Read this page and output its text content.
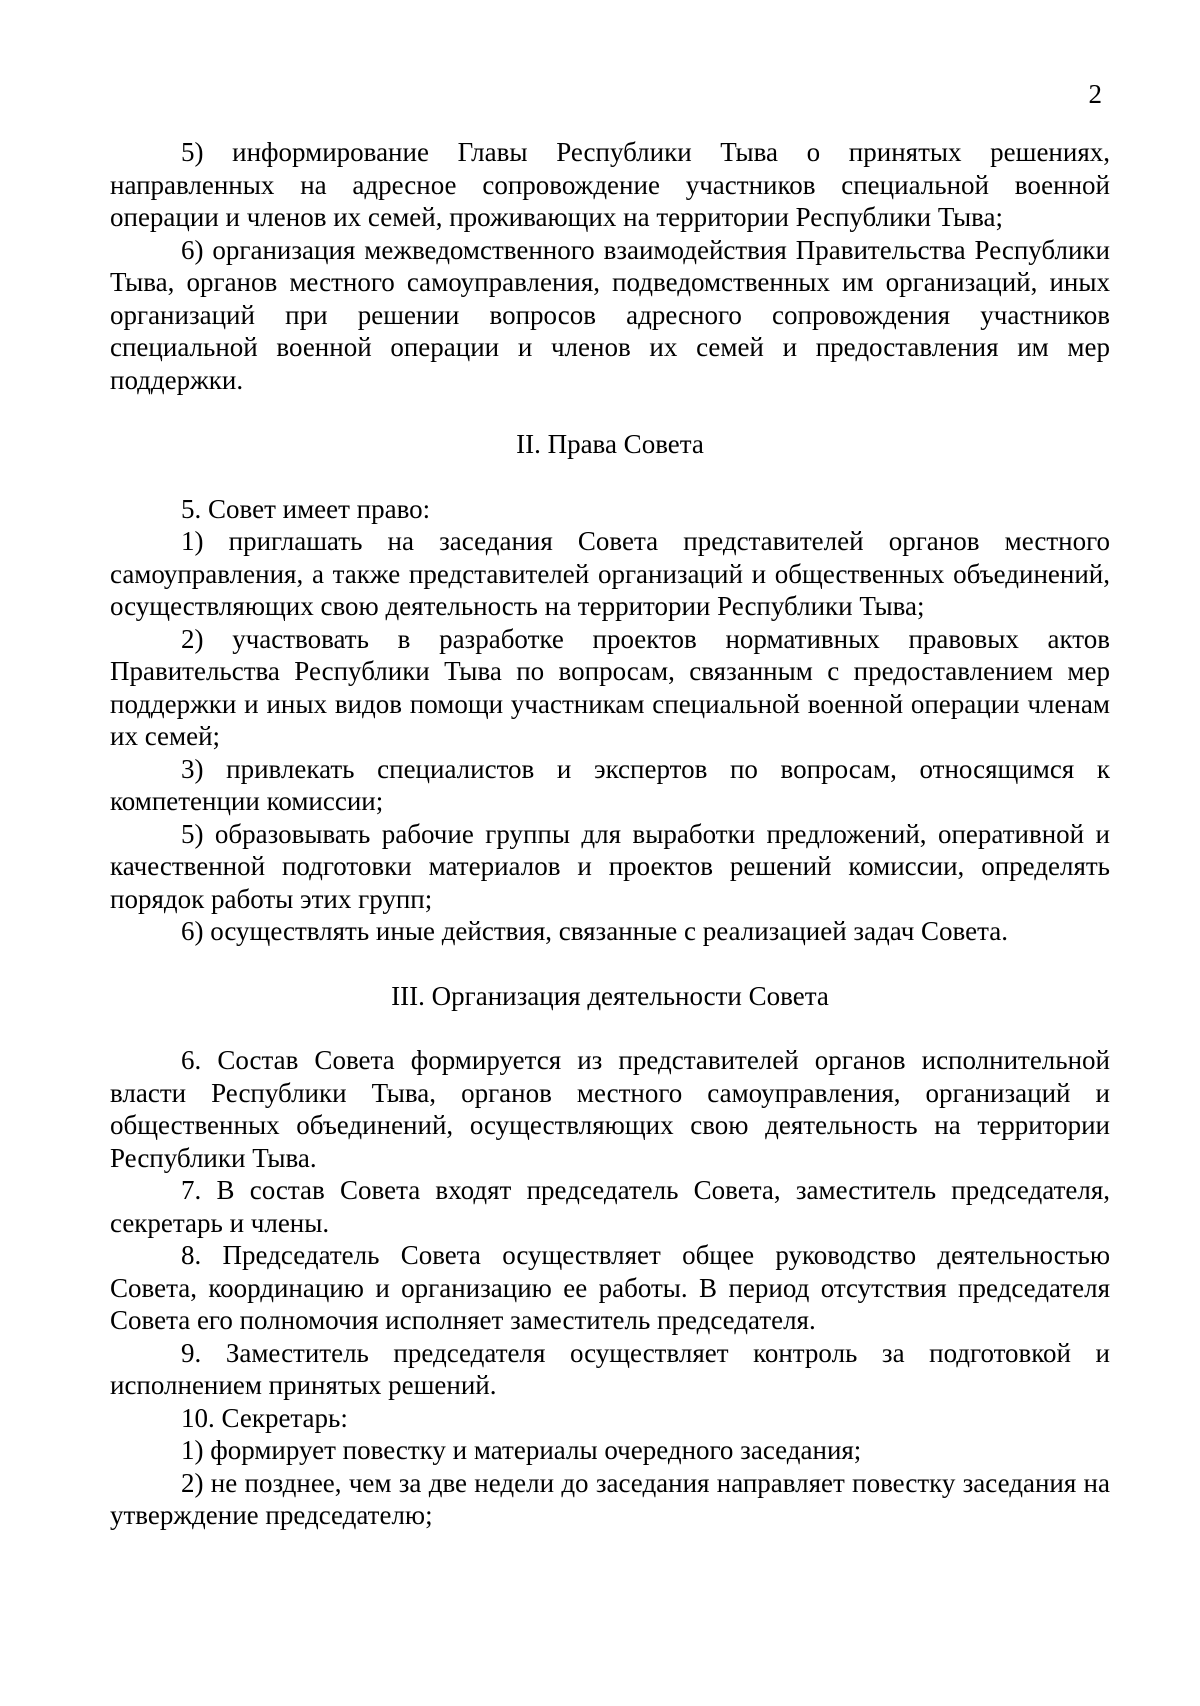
2

5) информирование Главы Республики Тыва о принятых решениях, направленных на адресное сопровождение участников специальной военной операции и членов их семей, проживающих на территории Республики Тыва;

6) организация межведомственного взаимодействия Правительства Республики Тыва, органов местного самоуправления, подведомственных им организаций, иных организаций при решении вопросов адресного сопровождения участников специальной военной операции и членов их семей и предоставления им мер поддержки.

II. Права Совета

5. Совет имеет право:

1) приглашать на заседания Совета представителей органов местного самоуправления, а также представителей организаций и общественных объединений, осуществляющих свою деятельность на территории Республики Тыва;

2) участвовать в разработке проектов нормативных правовых актов Правительства Республики Тыва по вопросам, связанным с предоставлением мер поддержки и иных видов помощи участникам специальной военной операции членам их семей;

3) привлекать специалистов и экспертов по вопросам, относящимся к компетенции комиссии;

5) образовывать рабочие группы для выработки предложений, оперативной и качественной подготовки материалов и проектов решений комиссии, определять порядок работы этих групп;

6) осуществлять иные действия, связанные с реализацией задач Совета.

III. Организация деятельности Совета

6. Состав Совета формируется из представителей органов исполнительной власти Республики Тыва, органов местного самоуправления, организаций и общественных объединений, осуществляющих свою деятельность на территории Республики Тыва.

7. В состав Совета входят председатель Совета, заместитель председателя, секретарь и члены.

8. Председатель Совета осуществляет общее руководство деятельностью Совета, координацию и организацию ее работы. В период отсутствия председателя Совета его полномочия исполняет заместитель председателя.

9. Заместитель председателя осуществляет контроль за подготовкой и исполнением принятых решений.

10. Секретарь:

1) формирует повестку и материалы очередного заседания;

2) не позднее, чем за две недели до заседания направляет повестку заседания на утверждение председателю;
